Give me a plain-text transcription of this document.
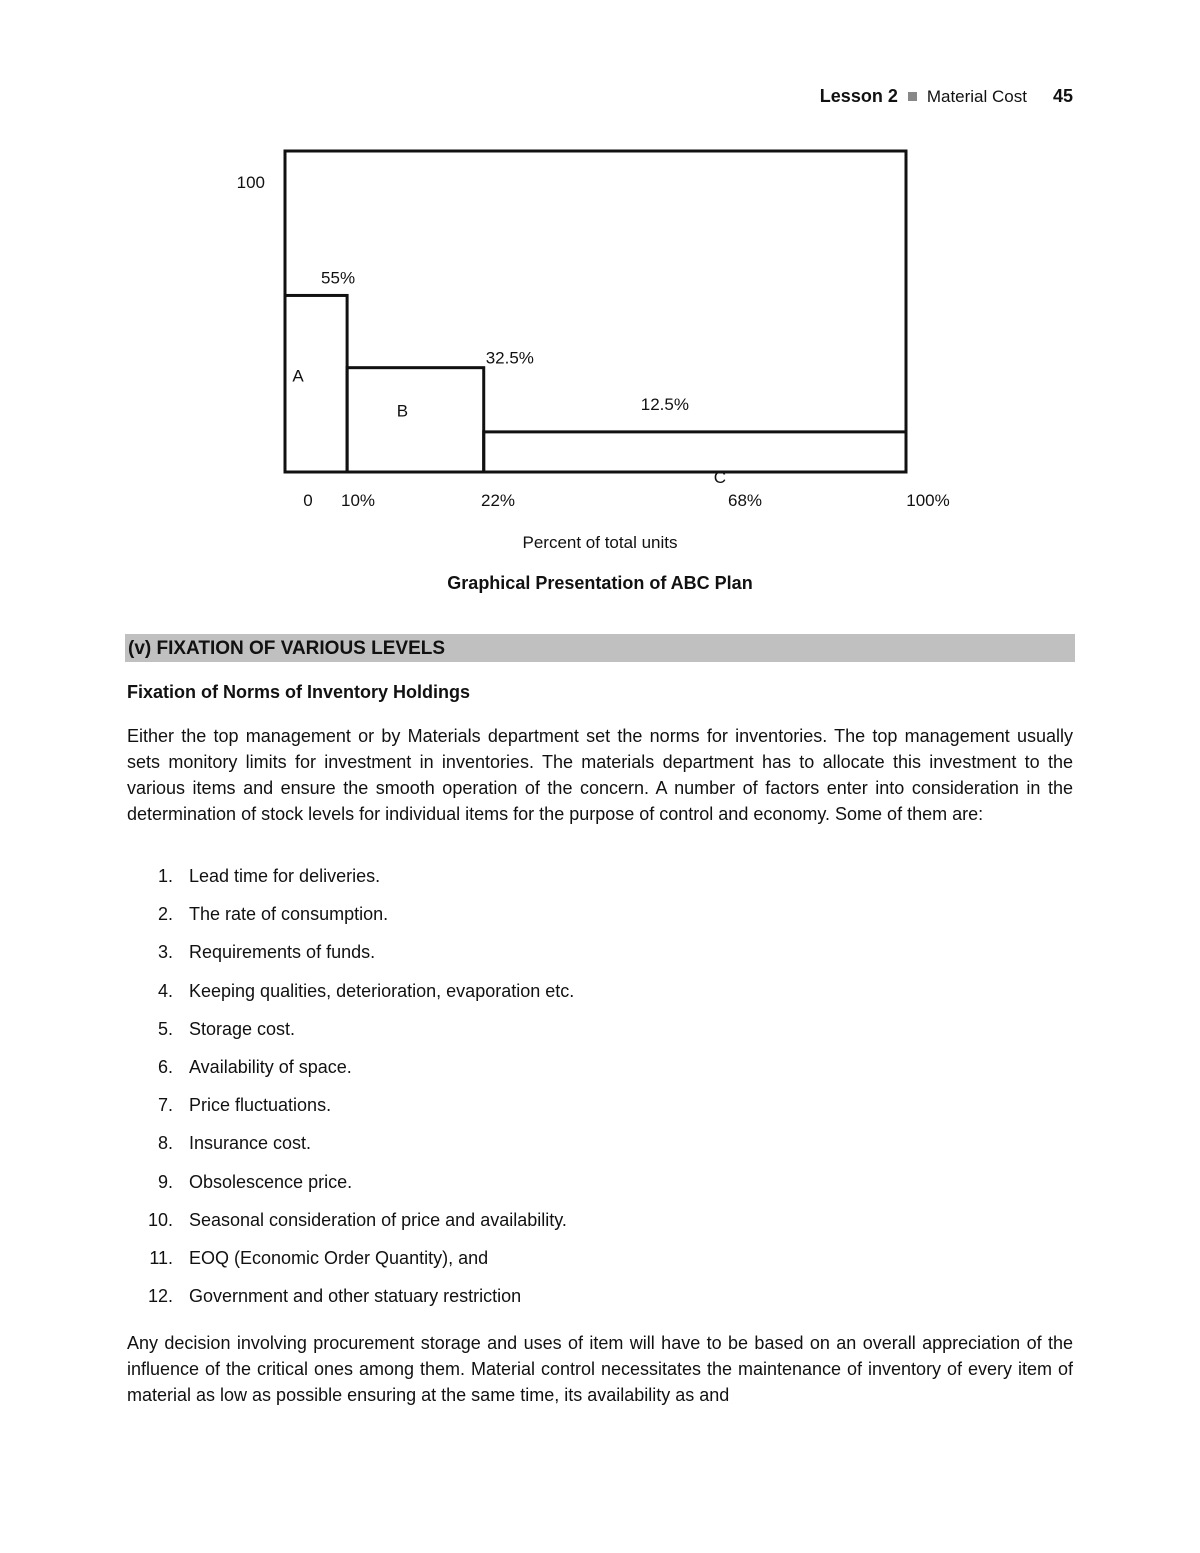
Lesson 2 Material Cost 45
55%
A
32.5%
B	12.5%
C
100
0 10%	22%	68%	100%
Percent of total units
Graphical Presentation of ABC Plan
(v) FIXATION OF VARIOUS LEVELS
Fixation of Norms of Inventory Holdings

Either the top management or by Materials department set the norms for inventories. The top management usually sets monitory limits for investment in inventories. The materials department has to allocate this investment to the various items and ensure the smooth operation of the concern. A number of factors enter into consideration in the determination of stock levels for individual items for the purpose of control and economy. Some of them are:

1. Lead time for deliveries.
2. The rate of consumption.
3. Requirements of funds.
4. Keeping qualities, deterioration, evaporation etc.
5. Storage cost.
6. Availability of space.
7. Price fluctuations.
8. Insurance cost.
9. Obsolescence price.
10. Seasonal consideration of price and availability.
11. EOQ (Economic Order Quantity), and
12. Government and other statuary restriction

Any decision involving procurement storage and uses of item will have to be based on an overall appreciation of the influence of the critical ones among them. Material control necessitates the maintenance of inventory of every item of material as low as possible ensuring at the same time, its availability as and
